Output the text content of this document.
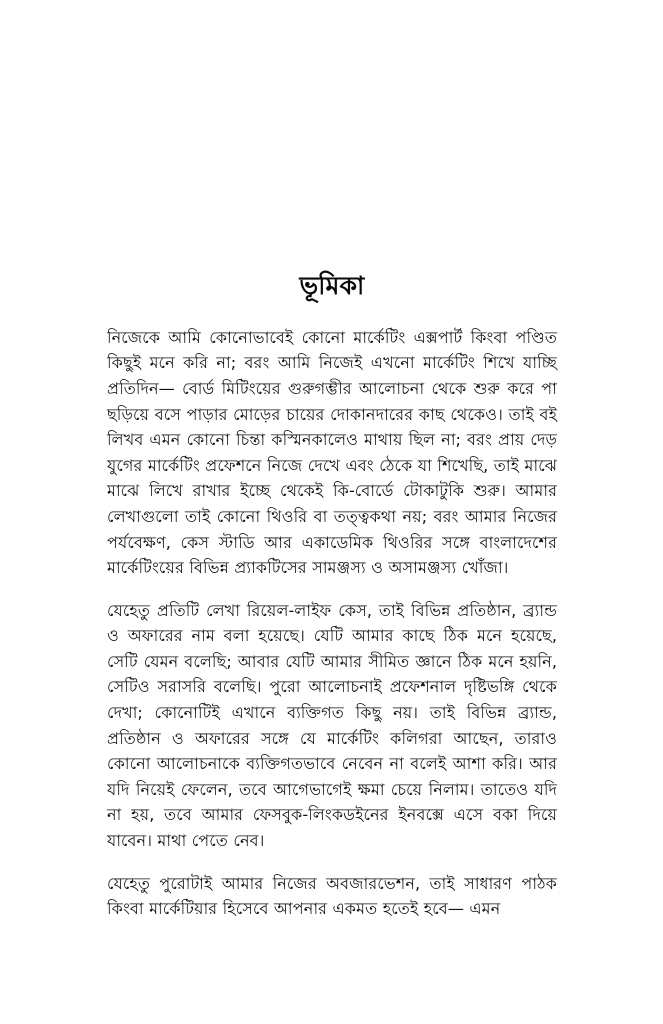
ভূমিকা

নিজেকে আমি কোনোভাবেই কোনো মার্কেটিং এক্সপার্ট কিংবা পণ্ডিত কিছুই মনে করি না; বরং আমি নিজেই এখনো মার্কেটিং শিখে যাচ্ছি প্রতিদিন— বোর্ড মিটিংয়ের গুরুগম্ভীর আলোচনা থেকে শুরু করে পা ছড়িয়ে বসে পাড়ার মোড়ের চায়ের দোকানদারের কাছ থেকেও। তাই বই লিখব এমন কোনো চিন্তা কস্মিনকালেও মাথায় ছিল না; বরং প্রায় দেড় যুগের মার্কেটিং প্রফেশনে নিজে দেখে এবং ঠেকে যা শিখেছি, তাই মাঝে মাঝে লিখে রাখার ইচ্ছে থেকেই কি-বোর্ডে টোকাটুকি শুরু। আমার লেখাগুলো তাই কোনো থিওরি বা তত্ত্বকথা নয়; বরং আমার নিজের পর্যবেক্ষণ, কেস স্টাডি আর একাডেমিক থিওরির সঙ্গে বাংলাদেশের মার্কেটিংয়ের বিভিন্ন প্র্যাকটিসের সামঞ্জস্য ও অসামঞ্জস্য খোঁজা।

যেহেতু প্রতিটি লেখা রিয়েল-লাইফ কেস, তাই বিভিন্ন প্রতিষ্ঠান, ব্র্যান্ড ও অফারের নাম বলা হয়েছে। যেটি আমার কাছে ঠিক মনে হয়েছে, সেটি যেমন বলেছি; আবার যেটি আমার সীমিত জ্ঞানে ঠিক মনে হয়নি, সেটিও সরাসরি বলেছি। পুরো আলোচনাই প্রফেশনাল দৃষ্টিভঙ্গি থেকে দেখা; কোনোটিই এখানে ব্যক্তিগত কিছু নয়। তাই বিভিন্ন ব্র্যান্ড, প্রতিষ্ঠান ও অফারের সঙ্গে যে মার্কেটিং কলিগরা আছেন, তারাও কোনো আলোচনাকে ব্যক্তিগতভাবে নেবেন না বলেই আশা করি। আর যদি নিয়েই ফেলেন, তবে আগেভাগেই ক্ষমা চেয়ে নিলাম। তাতেও যদি না হয়, তবে আমার ফেসবুক-লিংকডইনের ইনবক্সে এসে বকা দিয়ে যাবেন। মাথা পেতে নেব।

যেহেতু পুরোটাই আমার নিজের অবজারভেশন, তাই সাধারণ পাঠক কিংবা মার্কেটিয়ার হিসেবে আপনার একমত হতেই হবে— এমন
